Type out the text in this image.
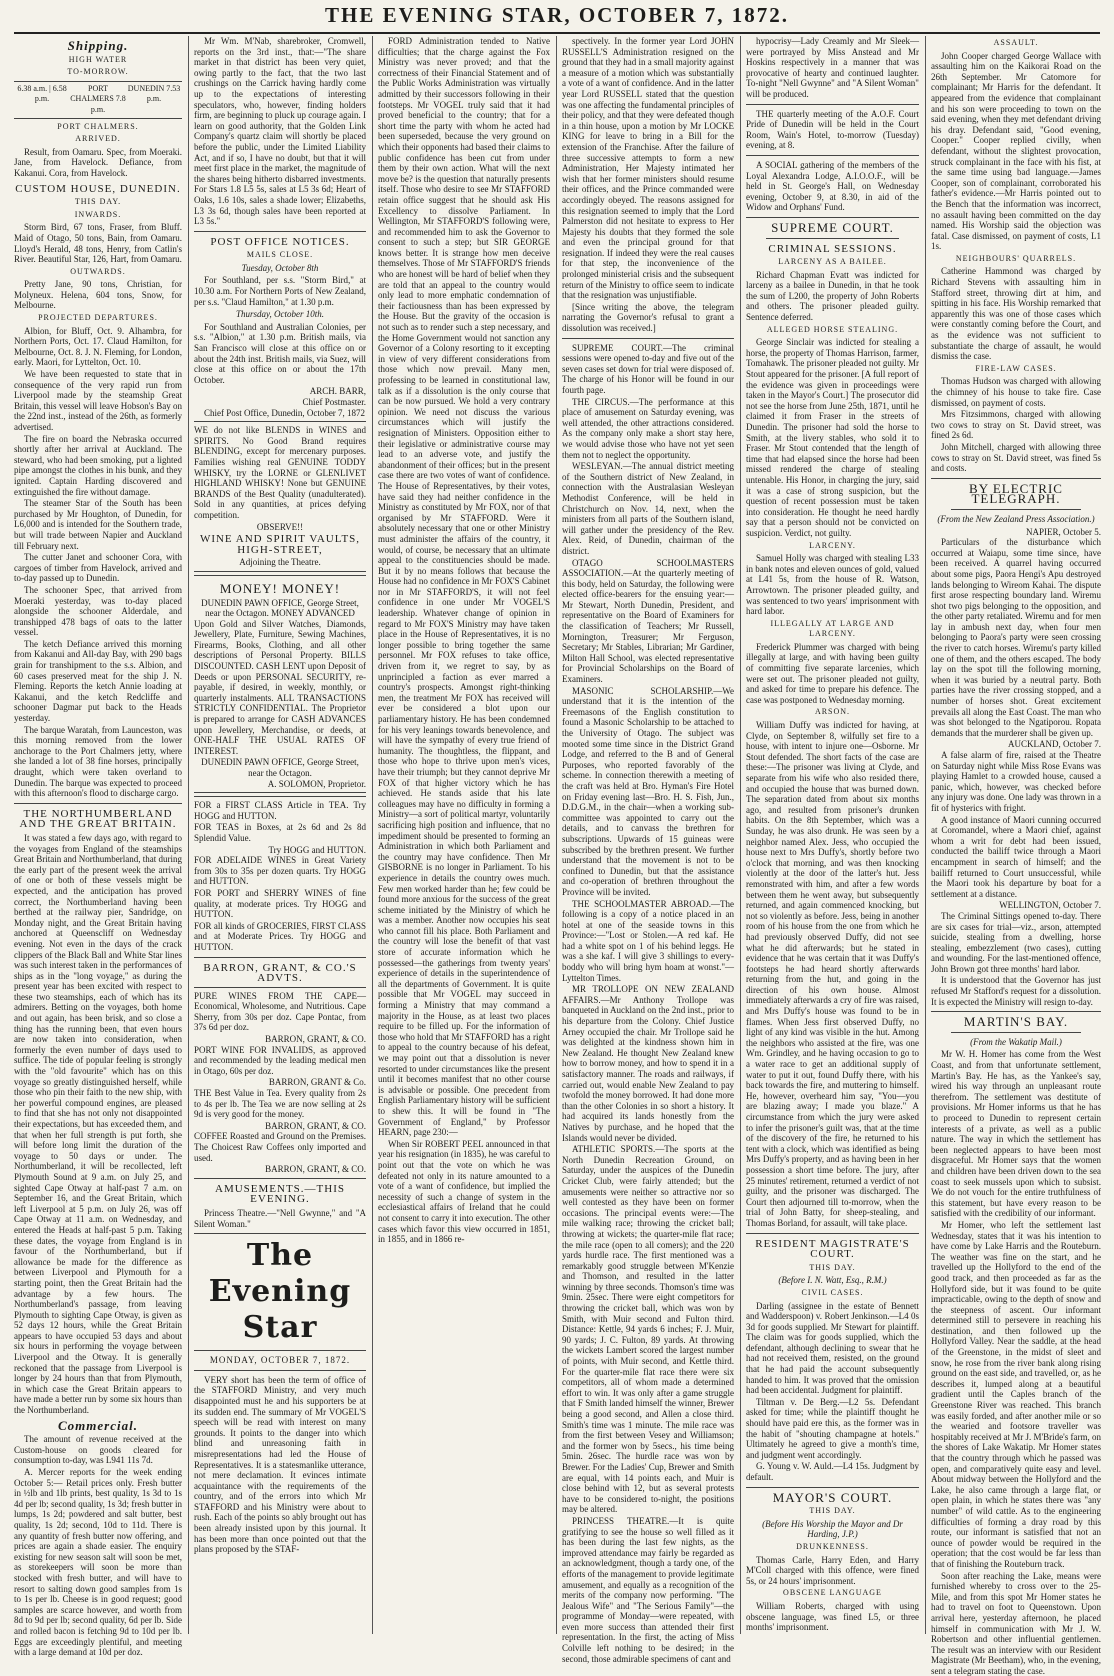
THE EVENING STAR, OCTOBER 7, 1872.
Shipping.
HIGH WATER
TO-MORROW.
6.38 a.m. | 6.58 p.m.
PORT CHALMERS 7.8 p.m.
DUNEDIN 7.53 p.m.
PORT CHALMERS.
ARRIVED.

Result, from Oamaru. Spec, from Moeraki. Jane, from Havelock. Defiance, from Kakanui. Cora, from Havelock.

CUSTOM HOUSE, DUNEDIN.
THIS DAY.
INWARDS.

Storm Bird, 67 tons, Fraser, from Bluff. Maid of Otago, 50 tons, Bain, from Oamaru. Lloyd's Herald, 48 tons, Henry, from Catlin's River. Beautiful Star, 126, Hart, from Oamaru.

OUTWARDS.

Pretty Jane, 90 tons, Christian, for Molyneux. Helena, 604 tons, Snow, for Melbourne.

PROJECTED DEPARTURES.

Albion, for Bluff, Oct. 9. Alhambra, for Northern Ports, Oct. 17. Claud Hamilton, for Melbourne, Oct. 8. J. N. Fleming, for London, early. Maori, for Lyttelton, Oct. 10.

We have been requested to state that in consequence of the very rapid run from Liverpool made by the steamship Great Britain, this vessel will leave Hobson's Bay on the 22nd inst., instead of the 26th, as formerly advertised.

The fire on board the Nebraska occurred shortly after her arrival at Auckland. The steward, who had been smoking, put a lighted pipe amongst the clothes in his bunk, and they ignited. Captain Harding discovered and extinguished the fire without damage.

The steamer Star of the South has been purchased by Mr Houghton, of Dunedin, for L6,000 and is intended for the Southern trade, but will trade between Napier and Auckland till February next.

The cutter Janet and schooner Cora, with cargoes of timber from Havelock, arrived and to-day passed up to Dunedin.

The schooner Spec, that arrived from Moeraki yesterday, was to-day placed alongside the schooner Alderdale, and transhipped 478 bags of oats to the latter vessel.

The ketch Defiance arrived this morning from Kakanui and All-day Bay, with 290 bags grain for transhipment to the s.s. Albion, and 60 cases preserved meat for the ship J. N. Fleming. Reports the ketch Annie loading at Kakanui, and the ketch Redcliffe and schooner Dagmar put back to the Heads yesterday.

The barque Waratah, from Launceston, was this morning removed from the lower anchorage to the Port Chalmers jetty, where she landed a lot of 38 fine horses, principally draught, which were taken overland to Dunedin. The barque was expected to proceed with this afternoon's flood to discharge cargo.

THE NORTHUMBERLAND AND THE GREAT BRITAIN.

It was stated a few days ago, with regard to the voyages from England of the steamships Great Britain and Northumberland, that during the early part of the present week the arrival of one or both of these vessels might be expected, and the anticipation has proved correct, the Northumberland having been berthed at the railway pier, Sandridge, on Monday night, and the Great Britain having anchored at Queenscliff on Wednesday evening. Not even in the days of the crack clippers of the Black Ball and White Star lines was such interest taken in the performances of ships as in the "long voyage," as during the present year has been excited with respect to these two steamships, each of which has its admirers. Betting on the voyages, both home and out again, has been brisk, and so close a thing has the running been, that even hours are now taken into consideration, when formerly the even number of days used to suffice. The tide of popular feeling is strongly with the "old favourite" which has on this voyage so greatly distinguished herself, while those who pin their faith to the new ship, with her powerful compound engines, are pleased to find that she has not only not disappointed their expectations, but has exceeded them, and that when her full strength is put forth, she will before long limit the duration of the voyage to 50 days or under. The Northumberland, it will be recollected, left Plymouth Sound at 9 a.m. on July 25, and sighted Cape Otway at half-past 7 a.m. on September 16, and the Great Britain, which left Liverpool at 5 p.m. on July 26, was off Cape Otway at 11 a.m. on Wednesday, and entered the Heads at half-past 5 p.m. Taking these dates, the voyage from England is in favour of the Northumberland, but if allowance be made for the difference as between Liverpool and Plymouth for a starting point, then the Great Britain had the advantage by a few hours. The Northumberland's passage, from leaving Plymouth to sighting Cape Otway, is given as 52 days 12 hours, while the Great Britain appears to have occupied 53 days and about six hours in performing the voyage between Liverpool and the Otway. It is generally reckoned that the passage from Liverpool is longer by 24 hours than that from Plymouth, in which case the Great Britain appears to have made a better run by some six hours than the Northumberland.

Commercial.

The amount of revenue received at the Custom-house on goods cleared for consumption to-day, was L941 11s 7d.

A. Mercer reports for the week ending October 5:— Retail prices only. Fresh butter in ½lb and 1lb prints, best quality, 1s 3d to 1s 4d per lb; second quality, 1s 3d; fresh butter in lumps, 1s 2d; powdered and salt butter, best quality, 1s 2d; second, 10d to 11d. There is any quantity of fresh butter now offering, and prices are again a shade easier. The enquiry existing for new season salt will soon be met, as storekeepers will soon be more than stocked with fresh butter, and will have to resort to salting down good samples from 1s to 1s per lb. Cheese is in good request; good samples are scarce however, and worth from 8d to 9d per lb; second quality, 6d per lb. Side and rolled bacon is fetching 9d to 10d per lb. Eggs are exceedingly plentiful, and meeting with a large demand at 10d per doz.

Mr Wm. M'Nab, sharebroker, Cromwell, reports on the 3rd inst., that:—"The share market in that district has been very quiet, owing partly to the fact, that the two last crushings on the Carrick having hardly come up to the expectations of interesting speculators, who, however, finding holders firm, are beginning to pluck up courage again. I learn on good authority, that the Golden Link Company's quartz claim will shortly be placed before the public, under the Limited Liability Act, and if so, I have no doubt, but that it will meet first place in the market, the magnitude of the shares being hitherto disbarred investments. For Stars 1.8 L5 5s, sales at L5 3s 6d; Heart of Oaks, 1.6 10s, sales a shade lower; Elizabeths, L3 3s 6d, though sales have been reported at L3 5s."

POST OFFICE NOTICES.
MAILS CLOSE.
Tuesday, October 8th

For Southland, per s.s. "Storm Bird," at 10.30 a.m. For Northern Ports of New Zealand, per s.s. "Claud Hamilton," at 1.30 p.m.

Thursday, October 10th.

For Southland and Australian Colonies, per s.s. "Albion," at 1.30 p.m. British mails, via San Francisco will close at this office on or about the 24th inst. British mails, via Suez, will close at this office on or about the 17th October.

ARCH. BARR,
Chief Postmaster.

Chief Post Office, Dunedin, October 7, 1872

WE do not like BLENDS in WINES and SPIRITS. No Good Brand requires BLENDING, except for mercenary purposes. Families wishing real GENUINE TODDY WHISKY, try the LORNE or GLENLIVET HIGHLAND WHISKY! None but GENUINE BRANDS of the Best Quality (unadulterated). Sold in any quantities, at prices defying competition.

OBSERVE!!
WINE AND SPIRIT VAULTS, HIGH-STREET,
Adjoining the Theatre.
MONEY! MONEY!
DUNEDIN PAWN OFFICE, George Street, near the Octagon. MONEY ADVANCED

Upon Gold and Silver Watches, Diamonds, Jewellery, Plate, Furniture, Sewing Machines, Firearms, Books, Clothing, and all other descriptions of Personal Property. BILLS DISCOUNTED. CASH LENT upon Deposit of Deeds or upon PERSONAL SECURITY, re-payable, if desired, in weekly, monthly, or quarterly instalments. ALL TRANSACTIONS STRICTLY CONFIDENTIAL. The Proprietor is prepared to arrange for CASH ADVANCES upon Jewellery, Merchandise, or deeds, at ONE-HALF THE USUAL RATES OF INTEREST.

DUNEDIN PAWN OFFICE, George Street, near the Octagon.
A. SOLOMON, Proprietor.

FOR a FIRST CLASS Article in TEA. Try HOGG and HUTTON.

FOR TEAS in Boxes, at 2s 6d and 2s 8d Splendid Value.

Try HOGG and HUTTON.

FOR ADELAIDE WINES in Great Variety from 30s to 35s per dozen quarts. Try HOGG and HUTTON.

FOR PORT and SHERRY WINES of fine quality, at moderate prices. Try HOGG and HUTTON.

FOR all kinds of GROCERIES, FIRST CLASS and at Moderate Prices. Try HOGG and HUTTON.

BARRON, GRANT, & CO.'S ADVTS.

PURE WINES FROM THE CAPE—Economical, Wholesome, and Nutritious. Cape Sherry, from 30s per doz. Cape Pontac, from 37s 6d per doz.

BARRON, GRANT, & CO.

PORT WINE FOR INVALIDS, as approved and recommended by the leading medical men in Otago, 60s per doz.

BARRON, GRANT & Co.

THE Best Value in Tea. Every quality from 2s to 4s per lb. The Tea we are now selling at 2s 9d is very good for the money.

BARRON, GRANT, & CO.

COFFEE Roasted and Ground on the Premises. The Choicest Raw Coffees only imported and used.

BARRON, GRANT, & CO.
AMUSEMENTS.—THIS EVENING.

Princess Theatre.—"Nell Gwynne," and "A Silent Woman."

The Evening Star
MONDAY, OCTOBER 7, 1872.

VERY short has been the term of office of the STAFFORD Ministry, and very much disappointed must he and his supporters be at its sudden end. The summary of Mr VOGEL'S speech will be read with interest on many grounds. It points to the danger into which blind and unreasoning faith in misrepresentations had led the House of Representatives. It is a statesmanlike utterance, not mere declamation. It evinces intimate acquaintance with the requirements of the country, and of the errors into which Mr STAFFORD and his Ministry were about to rush. Each of the points so ably brought out has been already insisted upon by this journal. It has been more than once pointed out that the plans proposed by the STAF-

FORD Administration tended to Native difficulties; that the charge against the Fox Ministry was never proved; and that the correctness of their Financial Statement and of the Public Works Administration was virtually admitted by their successors following in their footsteps. Mr VOGEL truly said that it had proved beneficial to the country; that for a short time the party with whom he acted had been superseded, because the very ground on which their opponents had based their claims to public confidence has been cut from under them by their own action. What will the next move be? is the question that naturally presents itself. Those who desire to see Mr STAFFORD retain office suggest that he should ask His Excellency to dissolve Parliament. In Wellington, Mr STAFFORD'S following were, and recommended him to ask the Governor to consent to such a step; but SIR GEORGE knows better. It is strange how men deceive themselves. Those of Mr STAFFORD'S friends who are honest will be hard of belief when they are told that an appeal to the country would only lead to more emphatic condemnation of their factiousness than has been expressed by the House. But the gravity of the occasion is not such as to render such a step necessary, and the Home Government would not sanction any Governor of a Colony resorting to it excepting in view of very different considerations from those which now prevail. Many men, professing to be learned in constitutional law, talk as if a dissolution is the only course that can be now pursued. We hold a very contrary opinion. We need not discuss the various circumstances which will justify the resignation of Ministers. Opposition either to their legislative or administrative course may lead to an adverse vote, and justify the abandonment of their offices; but in the present case there are two votes of want of confidence. The House of Representatives, by their votes, have said they had neither confidence in the Ministry as constituted by Mr FOX, nor of that organised by Mr STAFFORD. Were it absolutely necessary that one or other Ministry must administer the affairs of the country, it would, of course, be necessary that an ultimate appeal to the constituencies should be made. But it by no means follows that because the House had no confidence in Mr FOX'S Cabinet nor in Mr STAFFORD'S, it will not feel confidence in one under Mr VOGEL'S leadership. Whatever change of opinion in regard to Mr FOX'S Ministry may have taken place in the House of Representatives, it is no longer possible to bring together the same personnel. Mr FOX refuses to take office, driven from it, we regret to say, by as unprincipled a faction as ever marred a country's prospects. Amongst right-thinking men, the treatment Mr FOX has received will ever be considered a blot upon our parliamentary history. He has been condemned for his very leanings towards benevolence, and will have the sympathy of every true friend of humanity. The thoughtless, the flippant, and those who hope to thrive upon men's vices, have their triumph; but they cannot deprive Mr FOX of that higher victory which he has achieved. He stands aside that his late colleagues may have no difficulty in forming a Ministry—a sort of political martyr, voluntarily sacrificing high position and influence, that no impediment should be presented to forming an Administration in which both Parliament and the country may have confidence. Then Mr GISBORNE is no longer in Parliament. To his experience in details the country owes much. Few men worked harder than he; few could be found more anxious for the success of the great scheme initiated by the Ministry of which he was a member. Another now occupies his seat who cannot fill his place. Both Parliament and the country will lose the benefit of that vast store of accurate information which he possessed—the gatherings from twenty years' experience of details in the superintendence of all the departments of Government. It is quite possible that Mr VOGEL may succeed in forming a Ministry that may command a majority in the House, as at least two places require to be filled up. For the information of those who hold that Mr STAFFORD has a right to appeal to the country because of his defeat, we may point out that a dissolution is never resorted to under circumstances like the present until it becomes manifest that no other course is advisable or possible. One precedent from English Parliamentary history will be sufficient to shew this. It will be found in "The Government of England," by Professor HEARN, page 230:—

When Sir ROBERT PEEL announced in that year his resignation (in 1835), he was careful to point out that the vote on which he was defeated not only in its nature amounted to a vote of a want of confidence, but implied the necessity of such a change of system in the ecclesiastical affairs of Ireland that he could not consent to carry it into execution. The other cases which favor this view occurred in 1851, in 1855, and in 1866 re-

spectively. In the former year Lord JOHN RUSSELL'S Administration resigned on the ground that they had in a small majority against a measure of a motion which was substantially a vote of a want of confidence. And in the latter year Lord RUSSELL stated that the question was one affecting the fundamental principles of their policy, and that they were defeated though in a thin house, upon a motion by Mr LOCKE KING for leave to bring in a Bill for the extension of the Franchise. After the failure of three successive attempts to form a new Administration, Her Majesty intimated her wish that her former ministers should resume their offices, and the Prince commanded were accordingly obeyed. The reasons assigned for this resignation seemed to imply that the Lord Palmerston did not hesitate to express to Her Majesty his doubts that they formed the sole and even the principal ground for that resignation. If indeed they were the real causes for that step, the inconvenience of the prolonged ministerial crisis and the subsequent return of the Ministry to office seem to indicate that the resignation was unjustifiable.

[Since writing the above, the telegram narrating the Governor's refusal to grant a dissolution was received.]

SUPREME COURT.—The criminal sessions were opened to-day and five out of the seven cases set down for trial were disposed of. The charge of his Honor will be found in our fourth page.

THE CIRCUS.—The performance at this place of amusement on Saturday evening, was well attended, the other attractions considered. As the company only make a short stay here, we would advise those who have not yet seen them not to neglect the opportunity.

WESLEYAN.—The annual district meeting of the Southern district of New Zealand, in connection with the Australasian Wesleyan Methodist Conference, will be held in Christchurch on Nov. 14, next, when the ministers from all parts of the Southern island, will gather under the presidency of the Rev. Alex. Reid, of Dunedin, chairman of the district.

OTAGO SCHOOLMASTERS ASSOCIATION.—At the quarterly meeting of this body, held on Saturday, the following were elected office-bearers for the ensuing year:—Mr Stewart, North Dunedin, President, and representative on the Board of Examiners for the classification of Teachers; Mr Russell, Mornington, Treasurer; Mr Ferguson, Secretary; Mr Stables, Librarian; Mr Gardiner, Milton Hall School, was elected representative for Provincial Scholarships on the Board of Examiners.

MASONIC SCHOLARSHIP.—We understand that it is the intention of the Freemasons of the English constitution to found a Masonic Scholarship to be attached to the University of Otago. The subject was mooted some time since in the District Grand Lodge, and referred to the B and of General Purposes, who reported favorably of the scheme. In connection therewith a meeting of the craft was held at Bro. Hyman's Fire Hotel on Friday evening last—Bro. H. S. Fish, Jun., D.D.G.M., in the chair—when a working sub-committee was appointed to carry out the details, and to canvass the brethren for subscriptions. Upwards of 15 guineas were subscribed by the brethren present. We further understand that the movement is not to be confined to Dunedin, but that the assistance and co-operation of brethren throughout the Province will be invited.

THE SCHOOLMASTER ABROAD.—The following is a copy of a notice placed in an hotel at one of the seaside towns in this Province:—"Lost or Stolen.—A red kaf. He had a white spot on 1 of his behind leggs. He was a she kaf. I will give 3 shillings to every-boddy who will bring hym hoam at wonst."—Lyttelton Times.

MR TROLLOPE ON NEW ZEALAND AFFAIRS.—Mr Anthony Trollope was banqueted in Auckland on the 2nd inst., prior to his departure from the Colony. Chief Justice Arney occupied the chair. Mr Trollope said he was delighted at the kindness shown him in New Zealand. He thought New Zealand knew how to borrow money, and how to spend it in a satisfactory manner. The roads and railways, if carried out, would enable New Zealand to pay twofold the money borrowed. It had done more than the other Colonies in so short a history. It had acquired its lands honestly from the Natives by purchase, and he hoped that the Islands would never be divided.

ATHLETIC SPORTS.—The sports at the North Dunedin Recreation Ground, on Saturday, under the auspices of the Dunedin Cricket Club, were fairly attended; but the amusements were neither so attractive nor so well contested as they have been on former occasions. The principal events were:—The mile walking race; throwing the cricket ball; throwing at wickets; the quarter-mile flat race; the mile race (open to all comers); and the 220 yards hurdle race. The first mentioned was a remarkably good struggle between M'Kenzie and Thomson, and resulted in the latter winning by three seconds. Thomson's time was 9min. 25sec. There were eight competitors for throwing the cricket ball, which was won by Smith, with Muir second and Fulton third. Distance: Kettle, 94 yards 6 inches; F. J. Muir, 90 yards; J. C. Fulton, 89 yards. At throwing the wickets Lambert scored the largest number of points, with Muir second, and Kettle third. For the quarter-mile flat race there were six competitors, all of whom made a determined effort to win. It was only after a game struggle that F Smith landed himself the winner, Brewer being a good second, and Allen a close third. Smith's time was 1 minute. The mile race was from the first between Vesey and Williamson; and the former won by 5secs., his time being 5min. 26sec. The hurdle race was won by Brewer. For the Ladies' Cup, Brewer and Smith are equal, with 14 points each, and Muir is close behind with 12, but as several protests have to be considered to-night, the positions may be altered.

PRINCESS THEATRE.—It is quite gratifying to see the house so well filled as it has been during the last few nights, as the improved attendance may fairly be regarded as an acknowledgment, though a tardy one, of the efforts of the management to provide legitimate amusement, and equally as a recognition of the merits of the company now performing. "The Jealous Wife" and "The Serious Family"—the programme of Monday—were repeated, with even more success than attended their first representation. In the first, the acting of Miss Colville left nothing to be desired; in the second, those admirable specimens of cant and

hypocrisy—Lady Creamly and Mr Sleek—were portrayed by Miss Anstead and Mr Hoskins respectively in a manner that was provocative of hearty and continued laughter. To-night "Nell Gwynne" and "A Silent Woman" will be produced.

THE quarterly meeting of the A.O.F. Court Pride of Dunedin will be held in the Court Room, Wain's Hotel, to-morrow (Tuesday) evening, at 8.

A SOCIAL gathering of the members of the Loyal Alexandra Lodge, A.I.O.O.F., will be held in St. George's Hall, on Wednesday evening, October 9, at 8.30, in aid of the Widow and Orphans' Fund.

SUPREME COURT.
CRIMINAL SESSIONS.
LARCENY AS A BAILEE.

Richard Chapman Evatt was indicted for larceny as a bailee in Dunedin, in that he took the sum of L200, the property of John Roberts and others. The prisoner pleaded guilty. Sentence deferred.

ALLEGED HORSE STEALING.

George Sinclair was indicted for stealing a horse, the property of Thomas Harrison, farmer, Tomahawk. The prisoner pleaded not guilty. Mr Stout appeared for the prisoner. [A full report of the evidence was given in proceedings were taken in the Mayor's Court.] The prosecutor did not see the horse from June 25th, 1871, until he claimed it from Fraser in the streets of Dunedin. The prisoner had sold the horse to Smith, at the livery stables, who sold it to Fraser. Mr Stout contended that the length of time that had elapsed since the horse had been missed rendered the charge of stealing untenable. His Honor, in charging the jury, said it was a case of strong suspicion, but the question of recent possession must be taken into consideration. He thought he need hardly say that a person should not be convicted on suspicion. Verdict, not guilty.

LARCENY.

Samuel Holly was charged with stealing L33 in bank notes and eleven ounces of gold, valued at L41 5s, from the house of R. Watson, Arrowtown. The prisoner pleaded guilty, and was sentenced to two years' imprisonment with hard labor.

ILLEGALLY AT LARGE AND LARCENY.

Frederick Plummer was charged with being illegally at large, and with having been guilty of committing five separate larcenies, which were set out. The prisoner pleaded not guilty, and asked for time to prepare his defence. The case was postponed to Wednesday morning.

ARSON.

William Duffy was indicted for having, at Clyde, on September 8, wilfully set fire to a house, with intent to injure one—Osborne. Mr Stout defended. The short facts of the case are these:—The prisoner was living at Clyde, and separate from his wife who also resided there, and occupied the house that was burned down. The separation dated from about six months ago, and resulted from prisoner's drunken habits. On the 8th September, which was a Sunday, he was also drunk. He was seen by a neighbor named Alex. Jess, who occupied the house next to Mrs Duffy's, shortly before two o'clock that morning, and was then knocking violently at the door of the latter's hut. Jess remonstrated with him, and after a few words between them he went away, but subsequently returned, and again commenced knocking, but not so violently as before. Jess, being in another room of his house from the one from which he had previously observed Duffy, did not see what he did afterwards; but he stated in evidence that he was certain that it was Duffy's footsteps he had heard shortly afterwards returning from the hut, and going in the direction of his own house. Almost immediately afterwards a cry of fire was raised, and Mrs Duffy's house was found to be in flames. When Jess first observed Duffy, no light of any kind was visible in the hut. Among the neighbors who assisted at the fire, was one Wm. Grindley, and he having occasion to go to a water race to get an additional supply of water to put it out, found Duffy there, with his back towards the fire, and muttering to himself. He, however, overheard him say, "You—you are blazing away; I made you blaze." A circumstance from which the jury were asked to infer the prisoner's guilt was, that at the time of the discovery of the fire, he returned to his tent with a clock, which was identified as being Mrs Duffy's property, and as having been in her possession a short time before. The jury, after 25 minutes' retirement, returned a verdict of not guilty, and the prisoner was discharged. The Court then adjourned till to-morrow, when the trial of John Batty, for sheep-stealing, and Thomas Borland, for assault, will take place.

RESIDENT MAGISTRATE'S COURT.
THIS DAY.
(Before I. N. Watt, Esq., R.M.)
CIVIL CASES.

Darling (assignee in the estate of Bennett and Wadderspoon) v. Robert Jenkinson.—L4 0s 3d for goods supplied. Mr Stewart for plaintiff. The claim was for goods supplied, which the defendant, although declining to swear that he had not received them, resisted, on the ground that he had paid the account subsequently handed to him. It was proved that the omission had been accidental. Judgment for plaintiff.

Tiltman v. De Berg.—L2 5s. Defendant asked for time; while the plaintiff thought he should have paid ere this, as the former was in the habit of "shouting champagne at hotels." Ultimately he agreed to give a month's time, and judgment went accordingly.

G. Young v. W. Auld.—L4 15s. Judgment by default.

MAYOR'S COURT.
THIS DAY.
(Before His Worship the Mayor and Dr Harding, J.P.)
DRUNKENNESS.

Thomas Carle, Harry Eden, and Harry M'Coll charged with this offence, were fined 5s, or 24 hours' imprisonment.

OBSCENE LANGUAGE

William Roberts, charged with using obscene language, was fined L5, or three months' imprisonment.

ASSAULT.

John Cooper charged George Wallace with assaulting him on the Kaikorai Road on the 26th September. Mr Catomore for complainant; Mr Harris for the defendant. It appeared from the evidence that complainant and his son were proceeding to town on the said evening, when they met defendant driving his dray. Defendant said, "Good evening, Cooper." Cooper replied civilly, when defendant, without the slightest provocation, struck complainant in the face with his fist, at the same time using bad language.—James Cooper, son of complainant, corroborated his father's evidence.—Mr Harris pointed out to the Bench that the information was incorrect, no assault having been committed on the day named. His Worship said the objection was fatal. Case dismissed, on payment of costs, L1 1s.

NEIGHBOURS' QUARRELS.

Catherine Hammond was charged by Richard Stevens with assaulting him in Stafford street, throwing dirt at him, and spitting in his face. His Worship remarked that apparently this was one of those cases which were constantly coming before the Court, and as the evidence was not sufficient to substantiate the charge of assault, he would dismiss the case.

FIRE-LAW CASES.

Thomas Hudson was charged with allowing the chimney of his house to take fire. Case dismissed, on payment of costs.

Mrs Fitzsimmons, charged with allowing two cows to stray on St. David street, was fined 2s 6d.

John Mitchell, charged with allowing three cows to stray on St. David street, was fined 5s and costs.

BY ELECTRIC TELEGRAPH.
(From the New Zealand Press Association.)
NAPIER, October 5.

Particulars of the disturbance which occurred at Waiapu, some time since, have been received. A quarrel having occurred about some pigs, Paora Hengi's Apu destroyed lands belonging to Wireom Kahai. The dispute first arose respecting boundary land. Wiremu shot two pigs belonging to the opposition, and the other party retaliated. Wiremu and for men lay in ambush next day, when four men belonging to Paora's party were seen crossing the river to catch horses. Wiremu's party killed one of them, and the others escaped. The body lay on the spot till the following morning, when it was buried by a neutral party. Both parties have the river crossing stopped, and a number of horses shot. Great excitement prevails all along the East Coast. The man who was shot belonged to the Ngatiporou. Ropata demands that the murderer shall be given up.

AUCKLAND, October 7.

A false alarm of fire, raised at the Theatre on Saturday night while Miss Rose Evans was playing Hamlet to a crowded house, caused a panic, which, however, was checked before any injury was done. One lady was thrown in a fit of hysterics with fright.

A good instance of Maori cunning occurred at Coromandel, where a Maori chief, against whom a writ for debt had been issued, conducted the bailiff twice through a Maori encampment in search of himself; and the bailiff returned to Court unsuccessful, while the Maori took his departure by boat for a settlement at a distance.

WELLINGTON, October 7.

The Criminal Sittings opened to-day. There are six cases for trial—viz., arson, attempted suicide, stealing from a dwelling, horse stealing, embezzlement (two cases), cutting and wounding. For the last-mentioned offence, John Brown got three months' hard labor.

It is understood that the Governor has just refused Mr Stafford's request for a dissolution. It is expected the Ministry will resign to-day.

MARTIN'S BAY.
(From the Wakatip Mail.)

Mr W. H. Homer has come from the West Coast, and from that unfortunate settlement, Martin's Bay. He has, as the Yankee's say, wired his way through an unpleasant route therefrom. The settlement was destitute of provisions. Mr Homer informs us that he has to proceed to Dunedin to represent certain interests of a private, as well as a public nature. The way in which the settlement has been neglected appears to have been most disgraceful. Mr Homer says that the women and children have been driven down to the sea coast to seek mussels upon which to subsist. We do not vouch for the entire truthfulness of this statement, but have every reason to be satisfied with the credibility of our informant.

Mr Homer, who left the settlement last Wednesday, states that it was his intention to have come by Lake Harris and the Routeburn. The weather was fine on the start, and he travelled up the Hollyford to the end of the good track, and then proceeded as far as the Hollyford side, but it was found to be quite impracticable, owing to the depth of snow and the steepness of ascent. Our informant determined still to persevere in reaching his destination, and then followed up the Hollyford Valley. Near the saddle, at the head of the Greenstone, in the midst of sleet and snow, he rose from the river bank along rising ground on the east side, and travelled, or, as he describes it, lumped along at a beautiful gradient until the Caples branch of the Greenstone River was reached. This branch was easily forded, and after another mile or so the wearied and footsore traveller was hospitably received at Mr J. M'Bride's farm, on the shores of Lake Wakatip. Mr Homer states that the country through which he passed was open, and comparatively quite easy and level. About midway between the Hollyford and the Lake, he also came through a large flat, or open plain, in which he states there was "any number" of wild cattle. As to the engineering difficulties of forming a dray road by this route, our informant is satisfied that not an ounce of powder would be required in the operation; that the cost would be far less than that of finishing the Routeburn track.

Soon after reaching the Lake, means were furnished whereby to cross over to the 25-Mile, and from this spot Mr Homer states he had to travel on foot to Queenstown. Upon arrival here, yesterday afternoon, he placed himself in communication with Mr J. W. Robertson and other influential gentlemen. The result was an interview with our Resident Magistrate (Mr Beetham), who, in the evening, sent a telegram stating the case.
